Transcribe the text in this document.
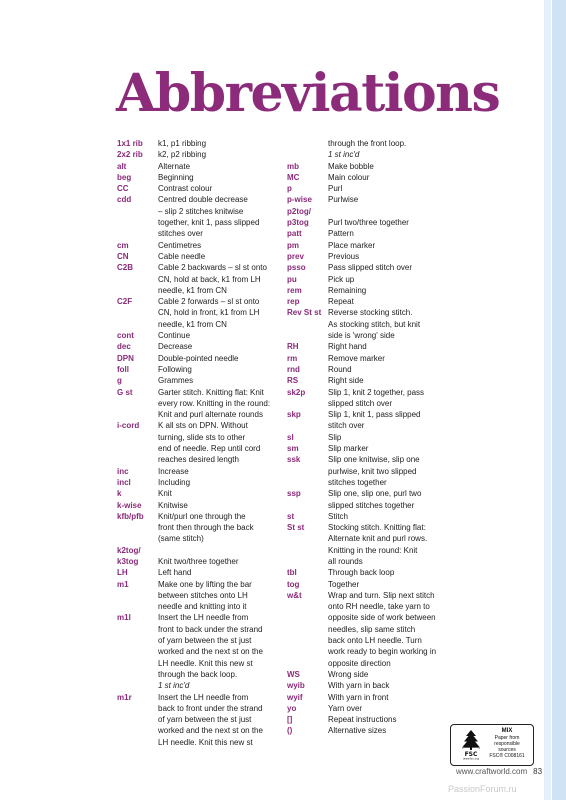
Abbreviations
1x1 rib	k1, p1 ribbing
2x2 rib	k2, p2 ribbing
alt	Alternate
beg	Beginning
CC	Contrast colour
cdd	Centred double decrease
– slip 2 stitches knitwise
together, knit 1, pass slipped
stitches over
cm	Centimetres
CN	Cable needle
C2B	Cable 2 backwards – sl st onto
CN, hold at back, k1 from LH
needle, k1 from CN
C2F	Cable 2 forwards – sl st onto
CN, hold in front, k1 from LH
needle, k1 from CN
cont	Continue
dec	Decrease
DPN	Double-pointed needle
foll	Following
g	Grammes
G st	Garter stitch. Knitting flat: Knit
every row. Knitting in the round:
Knit and purl alternate rounds
i-cord	K all sts on DPN. Without
turning, slide sts to other
end of needle. Rep until cord
reaches desired length
inc	Increase
incl	Including
k	Knit
k-wise	Knitwise
kfb/pfb	Knit/purl one through the
front then through the back
(same stitch)
k2tog/

k3tog	Knit two/three together
LH	Left hand
m1	Make one by lifting the bar
between stitches onto LH
needle and knitting into it
m1l	Insert the LH needle from
front to back under the strand
of yarn between the st just
worked and the next st on the
LH needle. Knit this new st
through the back loop.
1 st inc'd
m1r	Insert the LH needle from
back to front under the strand
of yarn between the st just
worked and the next st on the
LH needle. Knit this new st
through the front loop.
1 st inc'd
mb	Make bobble
MC	Main colour
p	Purl
p-wise	Purlwise
p2tog/

p3tog	Purl two/three together
patt	Pattern
pm	Place marker
prev	Previous
psso	Pass slipped stitch over
pu	Pick up
rem	Remaining
rep	Repeat
Rev St st Reverse stocking stitch.
As stocking stitch, but knit
side is 'wrong' side
RH	Right hand
rm	Remove marker
rnd	Round
RS	Right side
sk2p	Slip 1, knit 2 together, pass
slipped stitch over
skp	Slip 1, knit 1, pass slipped
stitch over
sl	Slip
sm	Slip marker
ssk	Slip one knitwise, slip one
purlwise, knit two slipped
stitches together
ssp	Slip one, slip one, purl two
slipped stitches together
st	Stitch
St st	Stocking stitch. Knitting flat:
Alternate knit and purl rows.
Knitting in the round: Knit
all rounds
tbl	Through back loop
tog	Together
w&t	Wrap and turn. Slip next stitch
onto RH needle, take yarn to
opposite side of work between
needles, slip same stitch
back onto LH needle. Turn
work ready to begin working in
opposite direction
WS	Wrong side
wyib	With yarn in back
wyif	With yarn in front
yo	Yarn over
[]	Repeat instructions
()	Alternative sizes
FSC
www.fsc.org
MIX
Paper from
responsible sources
FSC® C008161
www.craftworld.com 83
PassionForum.ru
